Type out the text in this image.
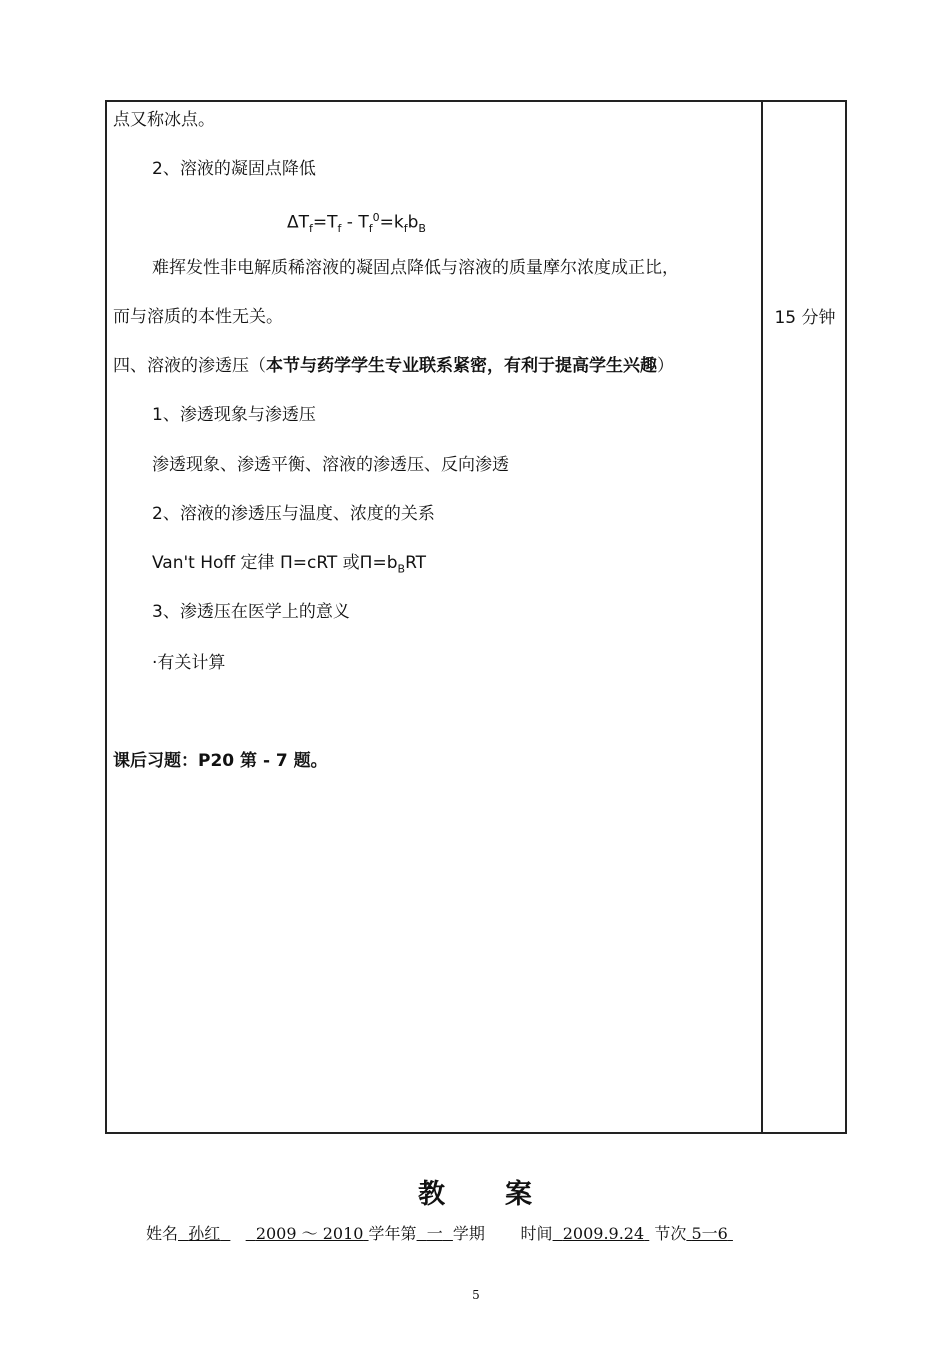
点又称冰点。
2、溶液的凝固点降低
$\Delta T_f=T_f - T_f^0=k_fb_B$
难挥发性非电解质稀溶液的凝固点降低与溶液的质量摩尔浓度成正比，
而与溶质的本性无关。
四、溶液的渗透压（本节与药学学生专业联系紧密，有利于提高学生兴趣）
1、渗透现象与渗透压
渗透现象、渗透平衡、溶液的渗透压、反向渗透
2、溶液的渗透压与温度、浓度的关系
Van't Hoff 定律 Π=cRT 或$\Pi=b_BRT$
3、渗透压在医学上的意义
·有关计算
课后习题：P20 第 - 7 题。
15 分钟
教 案
姓名 孙红 2009 ～ 2010 学年第 一 学期 时间 2009.9.24 节次 5一6
5
